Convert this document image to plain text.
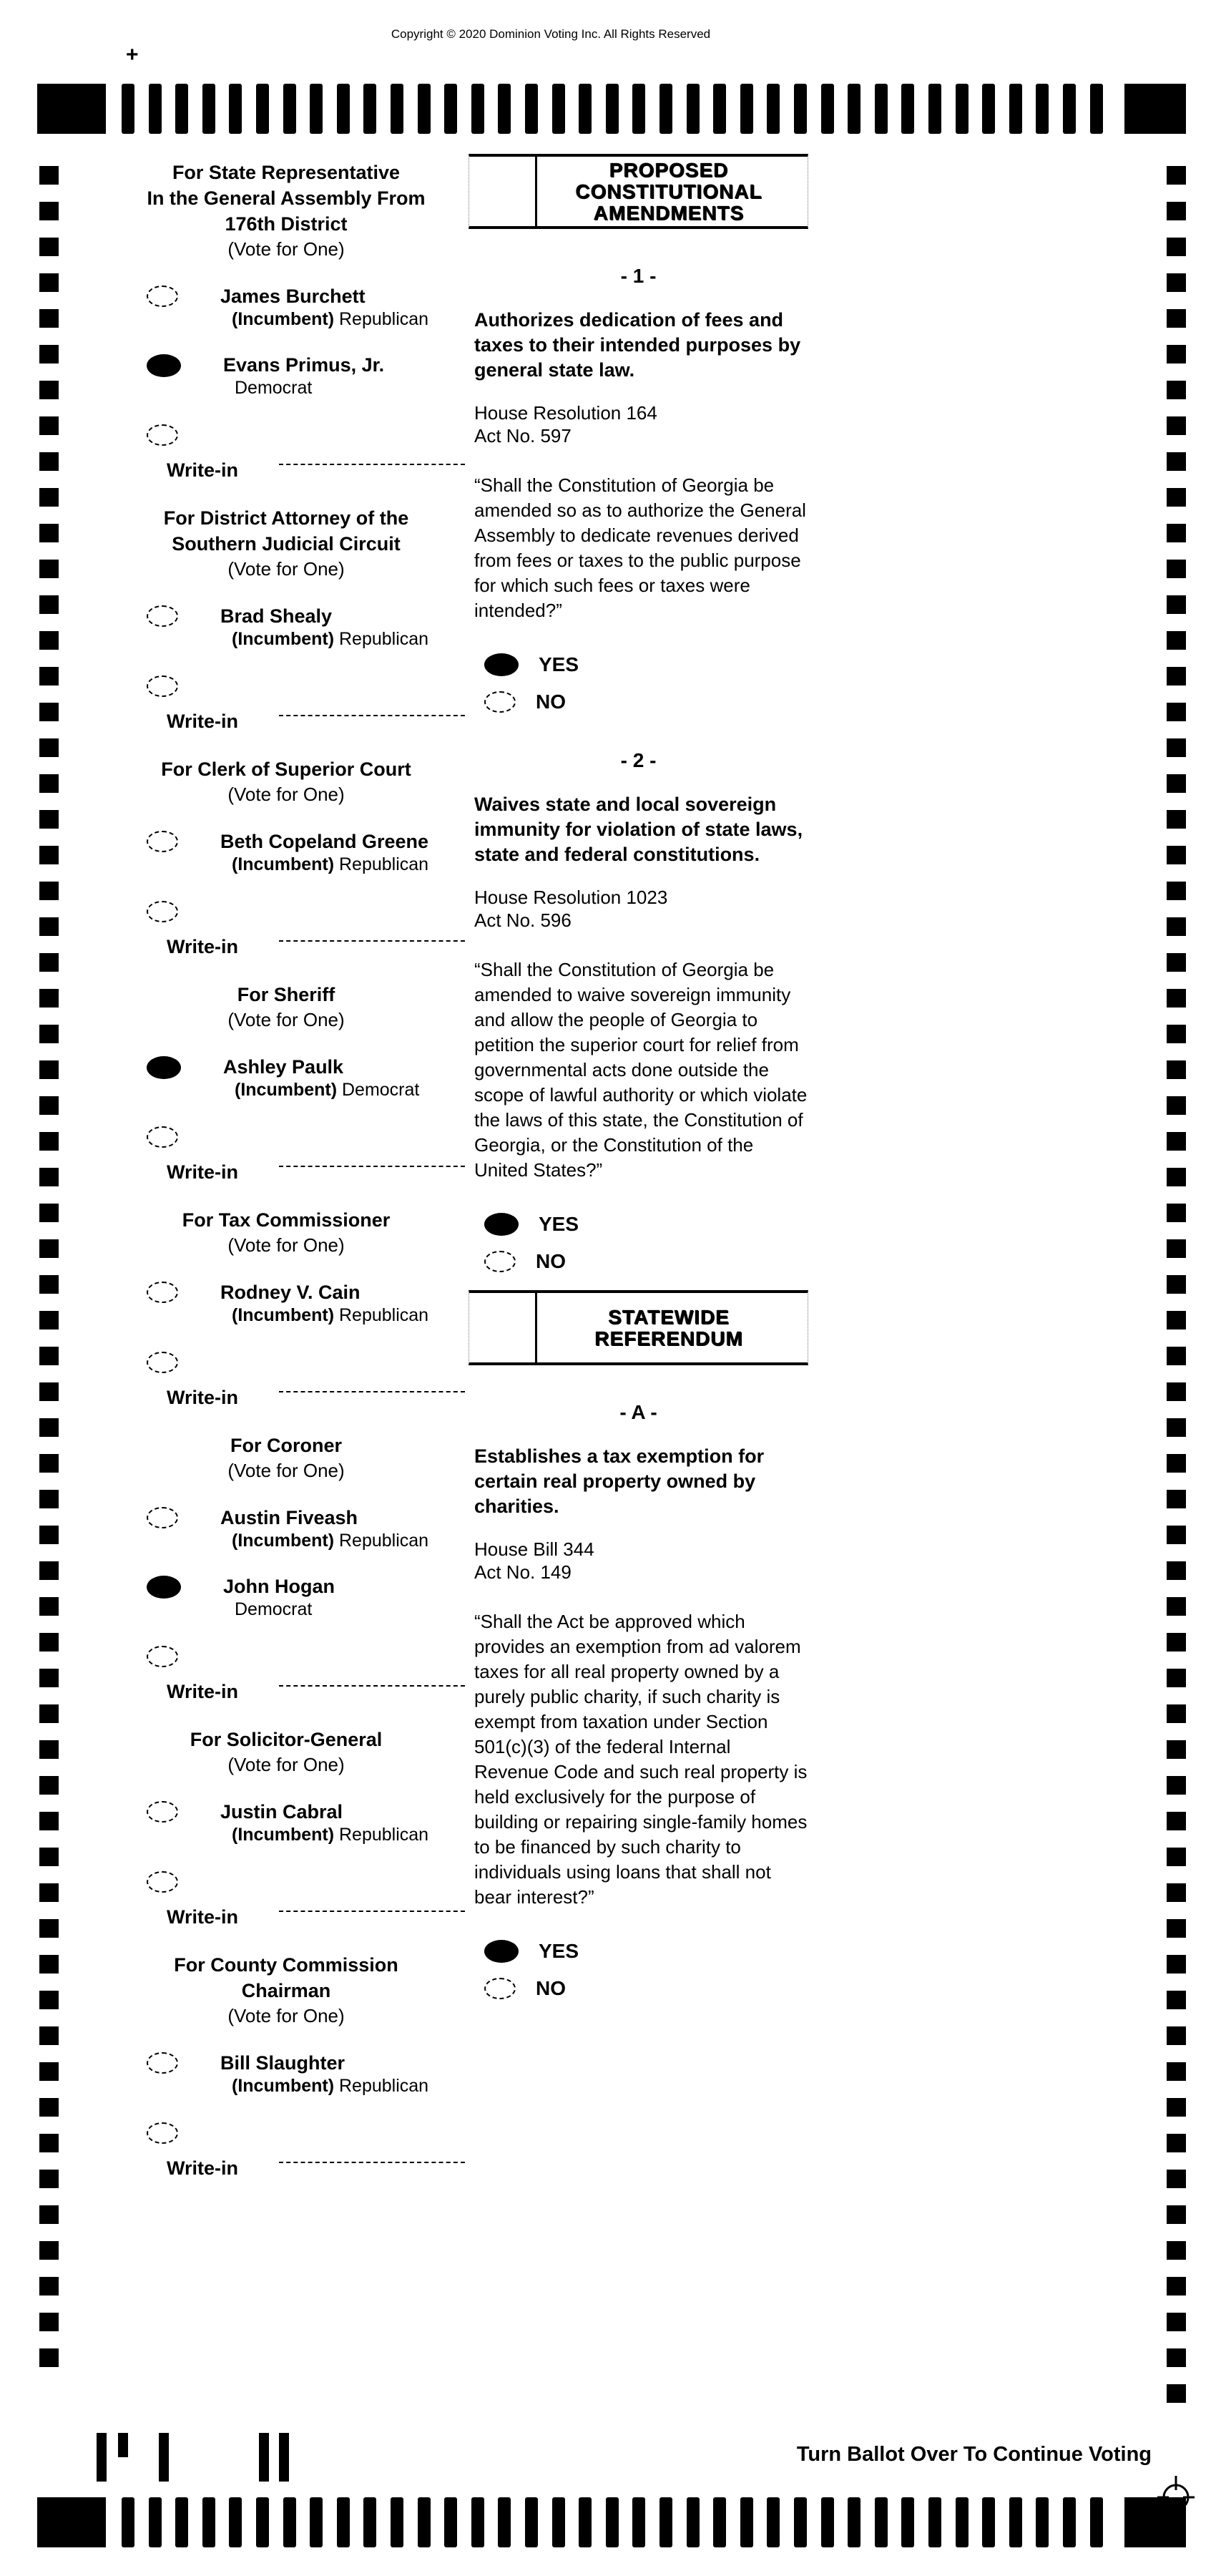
Copyright © 2020 Dominion Voting Inc. All Rights Reserved
+
For State Representative
In the General Assembly From
176th District
(Vote for One)
James Burchett
(Incumbent) Republican
Evans Primus, Jr.
Democrat
Write-in
For District Attorney of the
Southern Judicial Circuit
(Vote for One)
Brad Shealy
(Incumbent) Republican
Write-in
For Clerk of Superior Court
(Vote for One)
Beth Copeland Greene
(Incumbent) Republican
Write-in
For Sheriff
(Vote for One)
Ashley Paulk
(Incumbent) Democrat
Write-in
For Tax Commissioner
(Vote for One)
Rodney V. Cain
(Incumbent) Republican
Write-in
For Coroner
(Vote for One)
Austin Fiveash
(Incumbent) Republican
John Hogan
Democrat
Write-in
For Solicitor-General
(Vote for One)
Justin Cabral
(Incumbent) Republican
Write-in
For County Commission
Chairman
(Vote for One)
Bill Slaughter
(Incumbent) Republican
Write-in
PROPOSED
CONSTITUTIONAL
AMENDMENTS
- 1 -
Authorizes dedication of fees and taxes to their intended purposes by general state law.
House Resolution 164
Act No. 597
“Shall the Constitution of Georgia be amended so as to authorize the General Assembly to dedicate revenues derived from fees or taxes to the public purpose for which such fees or taxes were intended?”
YES
NO
- 2 -
Waives state and local sovereign immunity for violation of state laws, state and federal constitutions.
House Resolution 1023
Act No. 596
“Shall the Constitution of Georgia be amended to waive sovereign immunity and allow the people of Georgia to petition the superior court for relief from governmental acts done outside the scope of lawful authority or which violate the laws of this state, the Constitution of Georgia, or the Constitution of the United States?”
YES
NO
STATEWIDE
REFERENDUM
- A -
Establishes a tax exemption for certain real property owned by charities.
House Bill 344
Act No. 149
“Shall the Act be approved which provides an exemption from ad valorem taxes for all real property owned by a purely public charity, if such charity is exempt from taxation under Section 501(c)(3) of the federal Internal Revenue Code and such real property is held exclusively for the purpose of building or repairing single-family homes to be financed by such charity to individuals using loans that shall not bear interest?”
YES
NO
49	Turn Ballot Over To Continue Voting
